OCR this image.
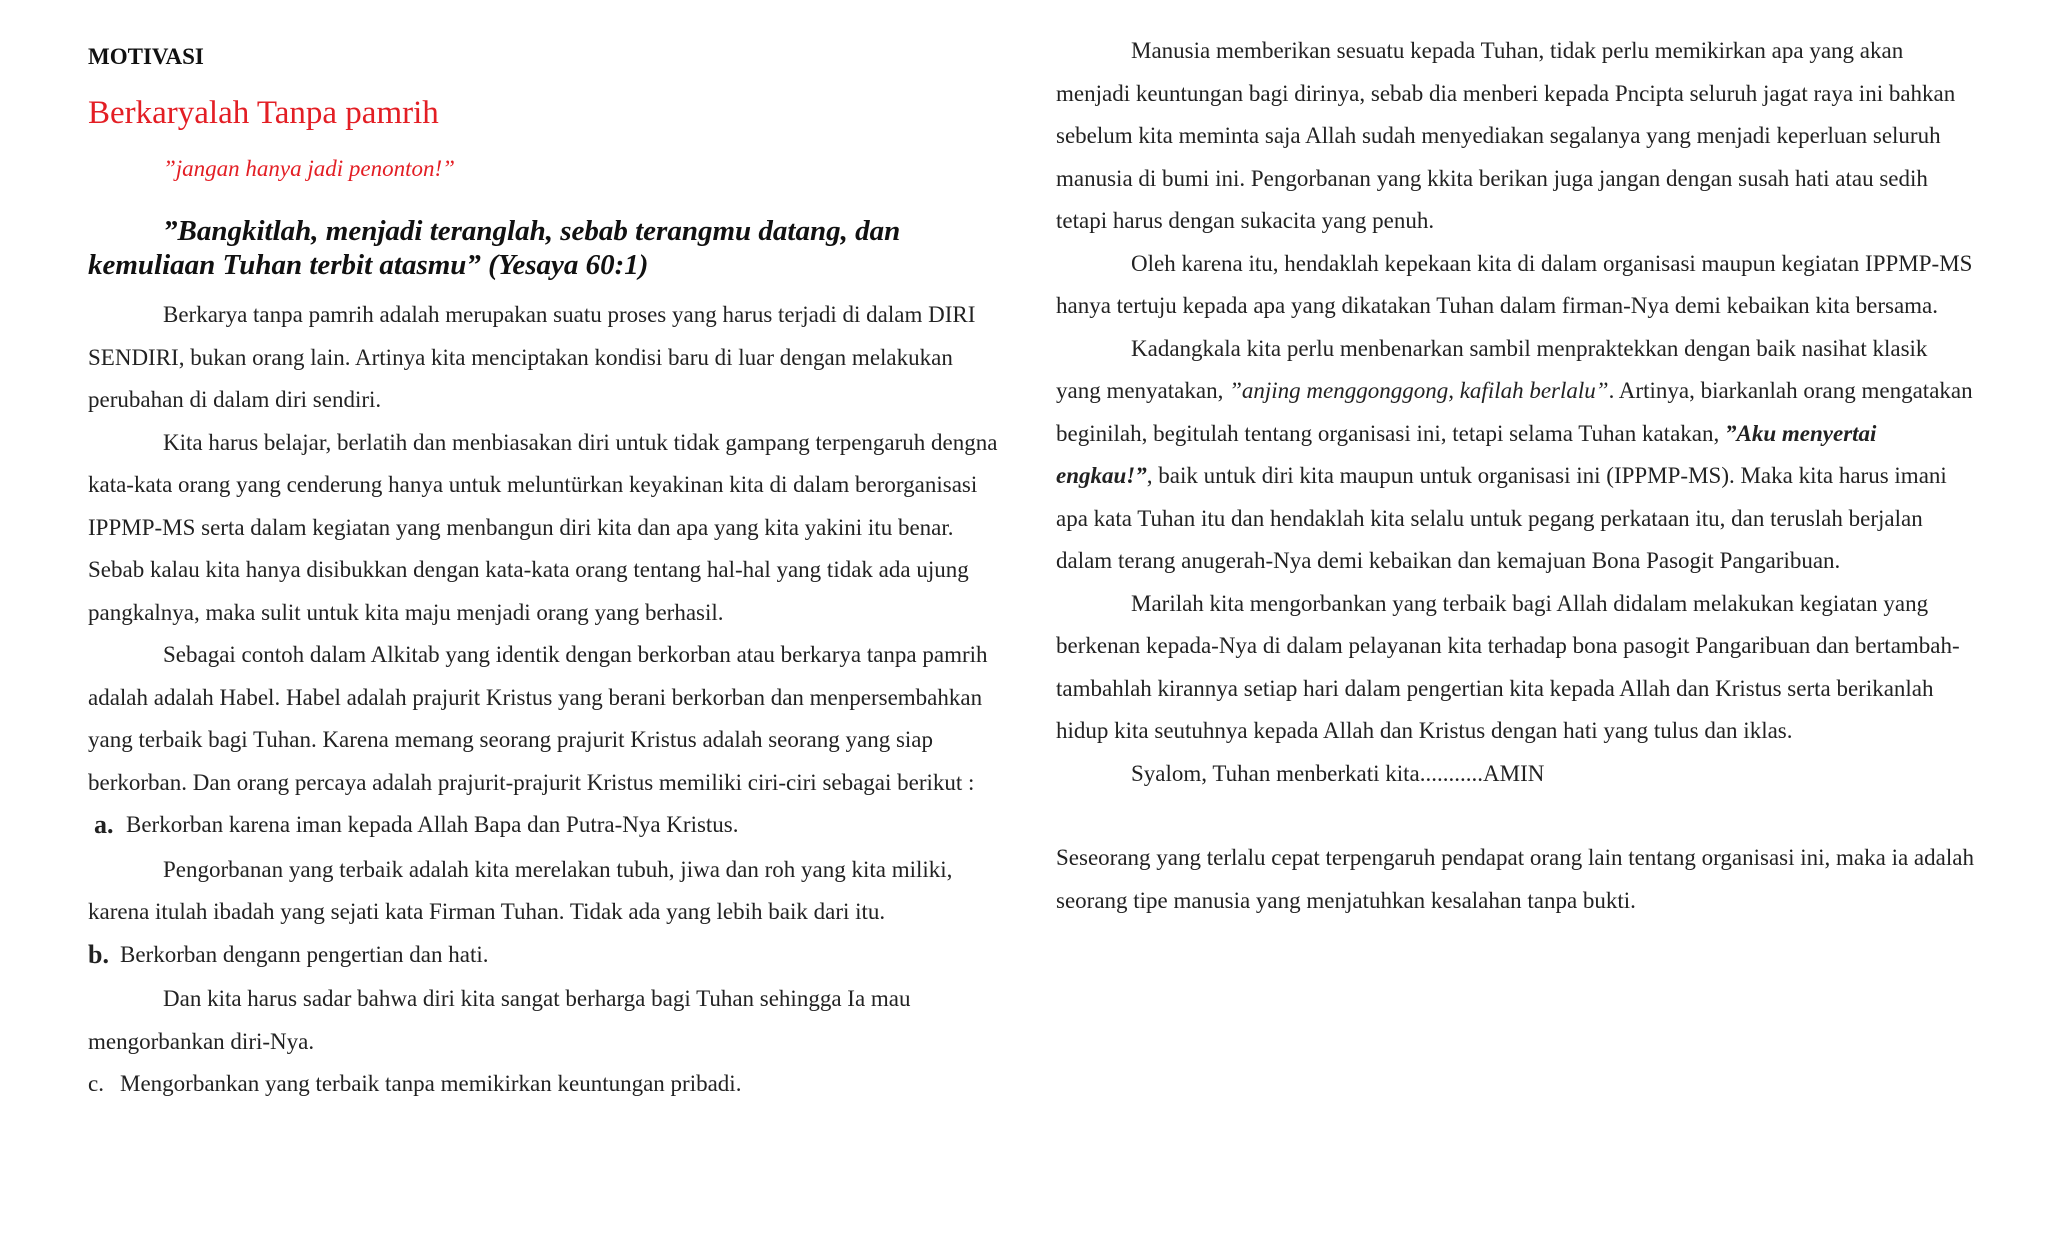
MOTIVASI
Berkaryalah Tanpa pamrih
”jangan hanya jadi penonton!”
”Bangkitlah, menjadi teranglah, sebab terangmu datang, dan kemuliaan Tuhan terbit atasmu” (Yesaya 60:1)

Berkarya tanpa pamrih adalah merupakan suatu proses yang harus terjadi di dalam DIRI SENDIRI, bukan orang lain. Artinya kita menciptakan kondisi baru di luar dengan melakukan perubahan di dalam diri sendiri.

Kita harus belajar, berlatih dan menbiasakan diri untuk tidak gampang terpengaruh dengna kata-kata orang yang cenderung hanya untuk meluntürkan keyakinan kita di dalam berorganisasi IPPMP-MS serta dalam kegiatan yang menbangun diri kita dan apa yang kita yakini itu benar. Sebab kalau kita hanya disibukkan dengan kata-kata orang tentang hal-hal yang tidak ada ujung pangkalnya, maka sulit untuk kita maju menjadi orang yang berhasil.

Sebagai contoh dalam Alkitab yang identik dengan berkorban atau berkarya tanpa pamrih adalah adalah Habel. Habel adalah prajurit Kristus yang berani berkorban dan menpersembahkan yang terbaik bagi Tuhan. Karena memang seorang prajurit Kristus adalah seorang yang siap berkorban. Dan orang percaya adalah prajurit-prajurit Kristus memiliki ciri-ciri sebagai berikut :

a. Berkorban karena iman kepada Allah Bapa dan Putra-Nya Kristus.

Pengorbanan yang terbaik adalah kita merelakan tubuh, jiwa dan roh yang kita miliki, karena itulah ibadah yang sejati kata Firman Tuhan. Tidak ada yang lebih baik dari itu.

b. Berkorban dengann pengertian dan hati.

Dan kita harus sadar bahwa diri kita sangat berharga bagi Tuhan sehingga Ia mau mengorbankan diri-Nya.

c. Mengorbankan yang terbaik tanpa memikirkan keuntungan pribadi.

Manusia memberikan sesuatu kepada Tuhan, tidak perlu memikirkan apa yang akan menjadi keuntungan bagi dirinya, sebab dia menberi kepada Pncipta seluruh jagat raya ini bahkan sebelum kita meminta saja Allah sudah menyediakan segalanya yang menjadi keperluan seluruh manusia di bumi ini. Pengorbanan yang kkita berikan juga jangan dengan susah hati atau sedih tetapi harus dengan sukacita yang penuh.

Oleh karena itu, hendaklah kepekaan kita di dalam organisasi maupun kegiatan IPPMP-MS hanya tertuju kepada apa yang dikatakan Tuhan dalam firman-Nya demi kebaikan kita bersama.

Kadangkala kita perlu menbenarkan sambil menpraktekkan dengan baik nasihat klasik yang menyatakan, ”anjing menggonggong, kafilah berlalu”. Artinya, biarkanlah orang mengatakan beginilah, begitulah tentang organisasi ini, tetapi selama Tuhan katakan, ”Aku menyertai engkau!”, baik untuk diri kita maupun untuk organisasi ini (IPPMP-MS). Maka kita harus imani apa kata Tuhan itu dan hendaklah kita selalu untuk pegang perkataan itu, dan teruslah berjalan dalam terang anugerah-Nya demi kebaikan dan kemajuan Bona Pasogit Pangaribuan.

Marilah kita mengorbankan yang terbaik bagi Allah didalam melakukan kegiatan yang berkenan kepada-Nya di dalam pelayanan kita terhadap bona pasogit Pangaribuan dan bertambah-tambahlah kirannya setiap hari dalam pengertian kita kepada Allah dan Kristus serta berikanlah hidup kita seutuhnya kepada Allah dan Kristus dengan hati yang tulus dan iklas.

Syalom, Tuhan menberkati kita...........AMIN

Seseorang yang terlalu cepat terpengaruh pendapat orang lain tentang organisasi ini, maka ia adalah seorang tipe manusia yang menjatuhkan kesalahan tanpa bukti.
